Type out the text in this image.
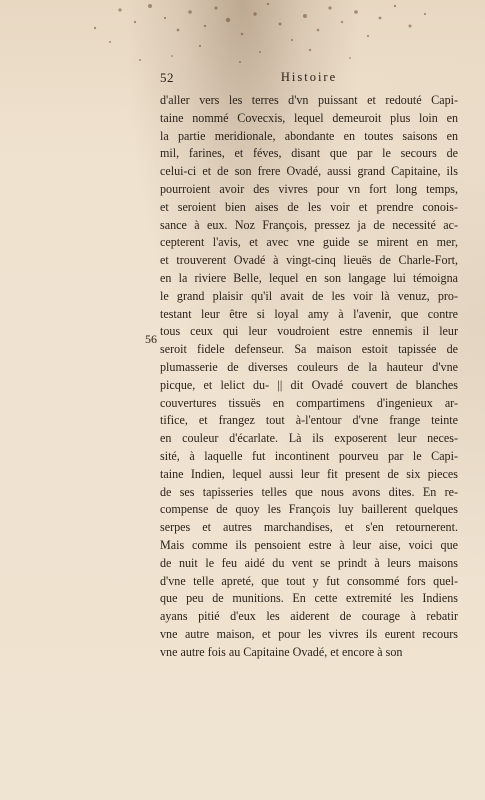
52	Histoire
56
d'aller vers les terres d'vn puissant et redouté Capi-
taine nommé Covecxis, lequel demeuroit plus loin en
la partie meridionale, abondante en toutes saisons en
mil, farines, et féves, disant que par le secours de
celui-ci et de son frere Ovadé, aussi grand Capitaine, ils
pourroient avoir des vivres pour vn fort long temps,
et seroient bien aises de les voir et prendre conois-
sance à eux. Noz François, pressez ja de necessité ac-
cepterent l'avis, et avec vne guide se mirent en mer,
et trouverent Ovadé à vingt-cinq lieuës de Charle-Fort,
en la riviere Belle, lequel en son langage lui témoigna
le grand plaisir qu'il avait de les voir là venuz, pro-
testant leur être si loyal amy à l'avenir, que contre
tous ceux qui leur voudroient estre ennemis il leur
seroit fidele defenseur. Sa maison estoit tapissée de
plumasserie de diverses couleurs de la hauteur d'vne
picque, et lelict du- || dit Ovadé couvert de blanches
couvertures tissuës en compartimens d'ingenieux ar-
tifice, et frangez tout à-l'entour d'vne frange teinte
en couleur d'écarlate. Là ils exposerent leur neces-
sité, à laquelle fut incontinent pourveu par le Capi-
taine Indien, lequel aussi leur fit present de six pieces
de ses tapisseries telles que nous avons dites. En re-
compense de quoy les François luy baillerent quelques
serpes et autres marchandises, et s'en retournerent.
Mais comme ils pensoient estre à leur aise, voici que
de nuit le feu aidé du vent se prindt à leurs maisons
d'vne telle apreté, que tout y fut consommé fors quel-
que peu de munitions. En cette extremité les Indiens
ayans pitié d'eux les aiderent de courage à rebatir
vne autre maison, et pour les vivres ils eurent recours
vne autre fois au Capitaine Ovadé, et encore à son
